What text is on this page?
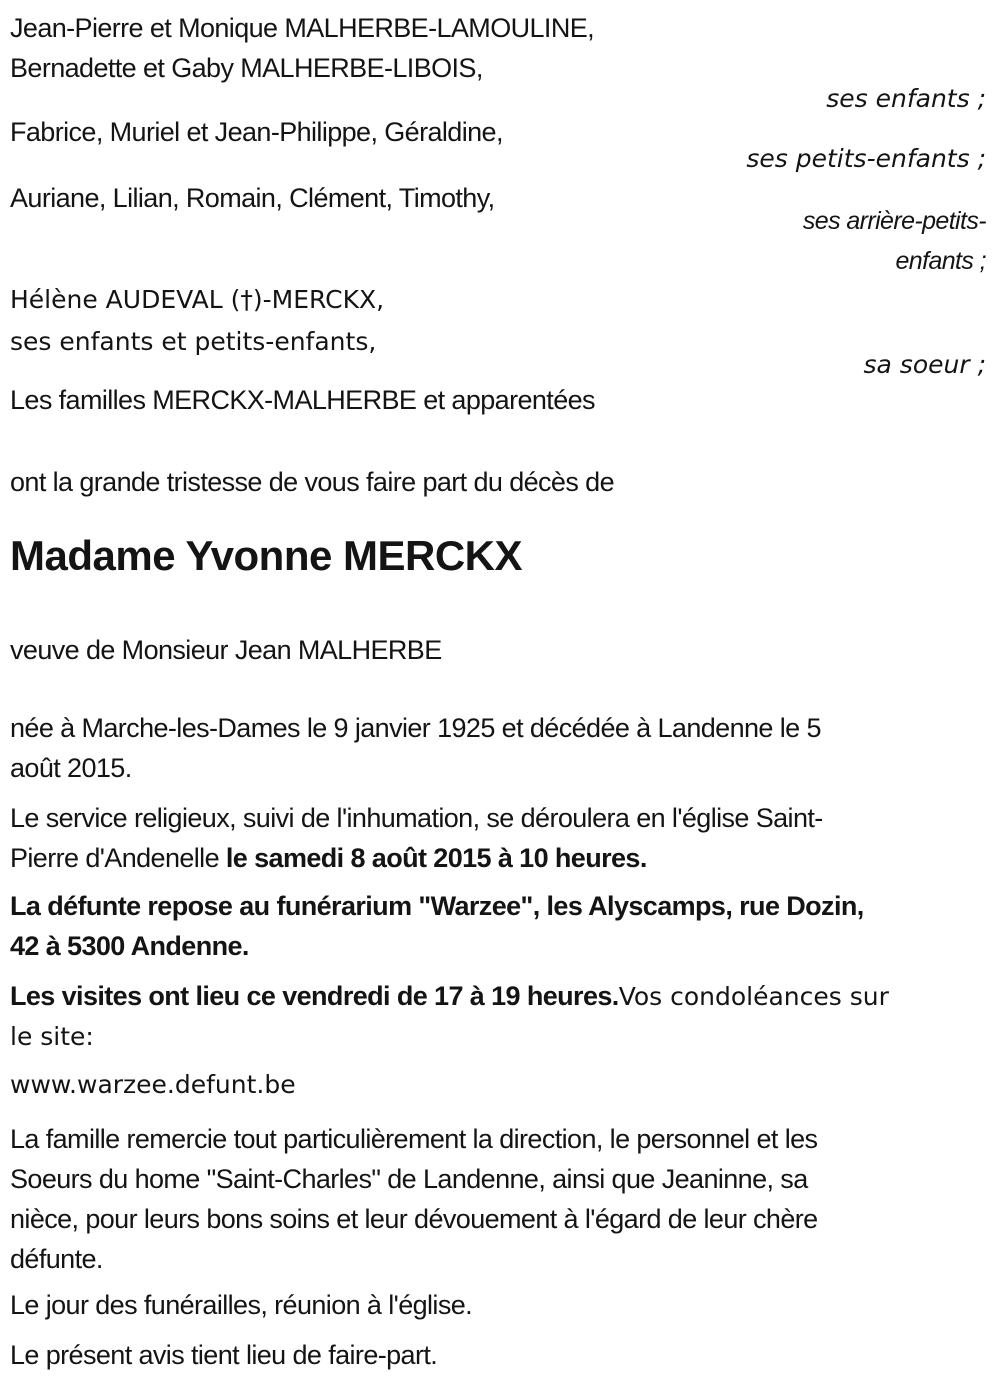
Jean-Pierre et Monique MALHERBE-LAMOULINE,
Bernadette et Gaby MALHERBE-LIBOIS,
ses enfants ;
Fabrice, Muriel et Jean-Philippe, Géraldine,
ses petits-enfants ;
Auriane, Lilian, Romain, Clément, Timothy,
ses arrière-petits-
enfants ;
Hélène AUDEVAL (†)-MERCKX,
ses enfants et petits-enfants,
sa soeur ;
Les familles MERCKX-MALHERBE et apparentées
ont la grande tristesse de vous faire part du décès de
Madame Yvonne MERCKX
veuve de Monsieur Jean MALHERBE
née à Marche-les-Dames le 9 janvier 1925 et décédée à Landenne le 5
août 2015.
Le service religieux, suivi de l'inhumation, se déroulera en l'église Saint-
Pierre d'Andenelle le samedi 8 août 2015 à 10 heures.
La défunte repose au funérarium "Warzee", les Alyscamps, rue Dozin,
42 à 5300 Andenne.
Les visites ont lieu ce vendredi de 17 à 19 heures.Vos condoléances sur
le site:
www.warzee.defunt.be
La famille remercie tout particulièrement la direction, le personnel et les
Soeurs du home "Saint-Charles" de Landenne, ainsi que Jeaninne, sa
nièce, pour leurs bons soins et leur dévouement à l'égard de leur chère
défunte.
Le jour des funérailles, réunion à l'église.
Le présent avis tient lieu de faire-part.
